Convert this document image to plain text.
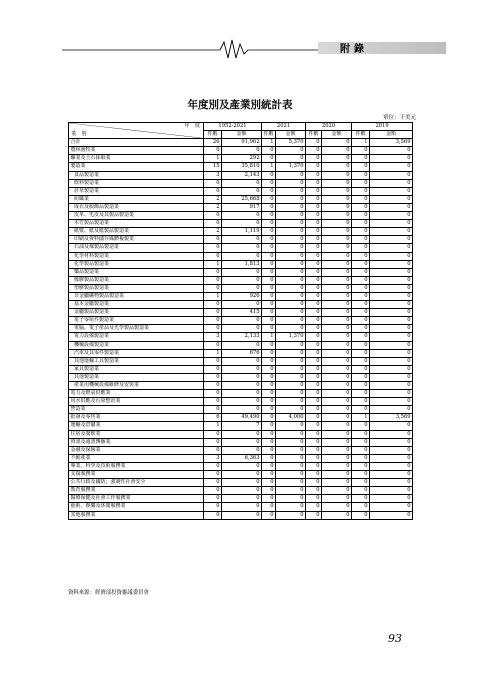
附錄
年度別及產業別統計表
單位：千美元
年　度
業　別	1952-2021		2021		2020		2019	
	件數	金額	件數	金額	件數	金額	件數	金額
合計	26	91,962	1	5,370	0	0	1	3,569
農林漁牧業	0	0	0	0	0	0	0	0
礦業及土石採取業	1	292	0	0	0	0	0	0
製造業	15	35,810	1	1,370	0	0	0	0
食品製造業	3	2,143	0	0	0	0	0	0
飲料製造業	0	0	0	0	0	0	0	0
菸草製造業	0	0	0	0	0	0	0	0
紡織業	2	25,668	0	0	0	0	0	0
成衣及服飾品製造業	2	917	0	0	0	0	0	0
皮革、毛皮及其製品製造業	0	0	0	0	0	0	0	0
木竹製品製造業	0	0	0	0	0	0	0	0
紙漿、紙及紙製品製造業	2	1,119	0	0	0	0	0	0
印刷及資料儲存媒體複製業	0	0	0	0	0	0	0	0
石油及煤製品製造業	0	0	0	0	0	0	0	0
化學材料製造業	0	0	0	0	0	0	0	0
化學製品製造業	1	1,813	0	0	0	0	0	0
藥品製造業	0	0	0	0	0	0	0	0
橡膠製品製造業	0	0	0	0	0	0	0	0
塑膠製品製造業	0	0	0	0	0	0	0	0
非金屬礦物製品製造業	1	926	0	0	0	0	0	0
基本金屬製造業	0	0	0	0	0	0	0	0
金屬製品製造業	0	415	0	0	0	0	0	0
電子零組件製造業	0	0	0	0	0	0	0	0
電腦、電子產品及光學製品製造業	0	0	0	0	0	0	0	0
電力設備製造業	3	2,133	1	1,370	0	0	0	0
機械設備製造業	0	0	0	0	0	0	0	0
汽車及其零件製造業	1	676	0	0	0	0	0	0
其他運輸工具製造業	0	0	0	0	0	0	0	0
家具製造業	0	0	0	0	0	0	0	0
其他製造業	0	0	0	0	0	0	0	0
產業用機械設備維修及安裝業	0	0	0	0	0	0	0	0
電力及燃氣供應業	0	0	0	0	0	0	0	0
用水供應及污染整治業	0	0	0	0	0	0	0	0
營造業	0	0	0	0	0	0	0	0
批發及零售業	6	49,490	0	4,000	0	0	1	3,569
運輸及倉儲業	1	7	0	0	0	0	0	0
住宿及餐飲業	0	0	0	0	0	0	0	0
資訊及通訊傳播業	0	0	0	0	0	0	0	0
金融及保險業	0	0	0	0	0	0	0	0
不動產業	3	6,363	0	0	0	0	0	0
專業、科學及技術服務業	0	0	0	0	0	0	0	0
支援服務業	0	0	0	0	0	0	0	0
公共行政及國防；強制性社會安全	0	0	0	0	0	0	0	0
教育服務業	0	0	0	0	0	0	0	0
醫療保健及社會工作服務業	0	0	0	0	0	0	0	0
藝術、娛樂及休閒服務業	0	0	0	0	0	0	0	0
其他服務業	0	0	0	0	0	0	0	0
資料來源：經濟部投資審議委員會
93
